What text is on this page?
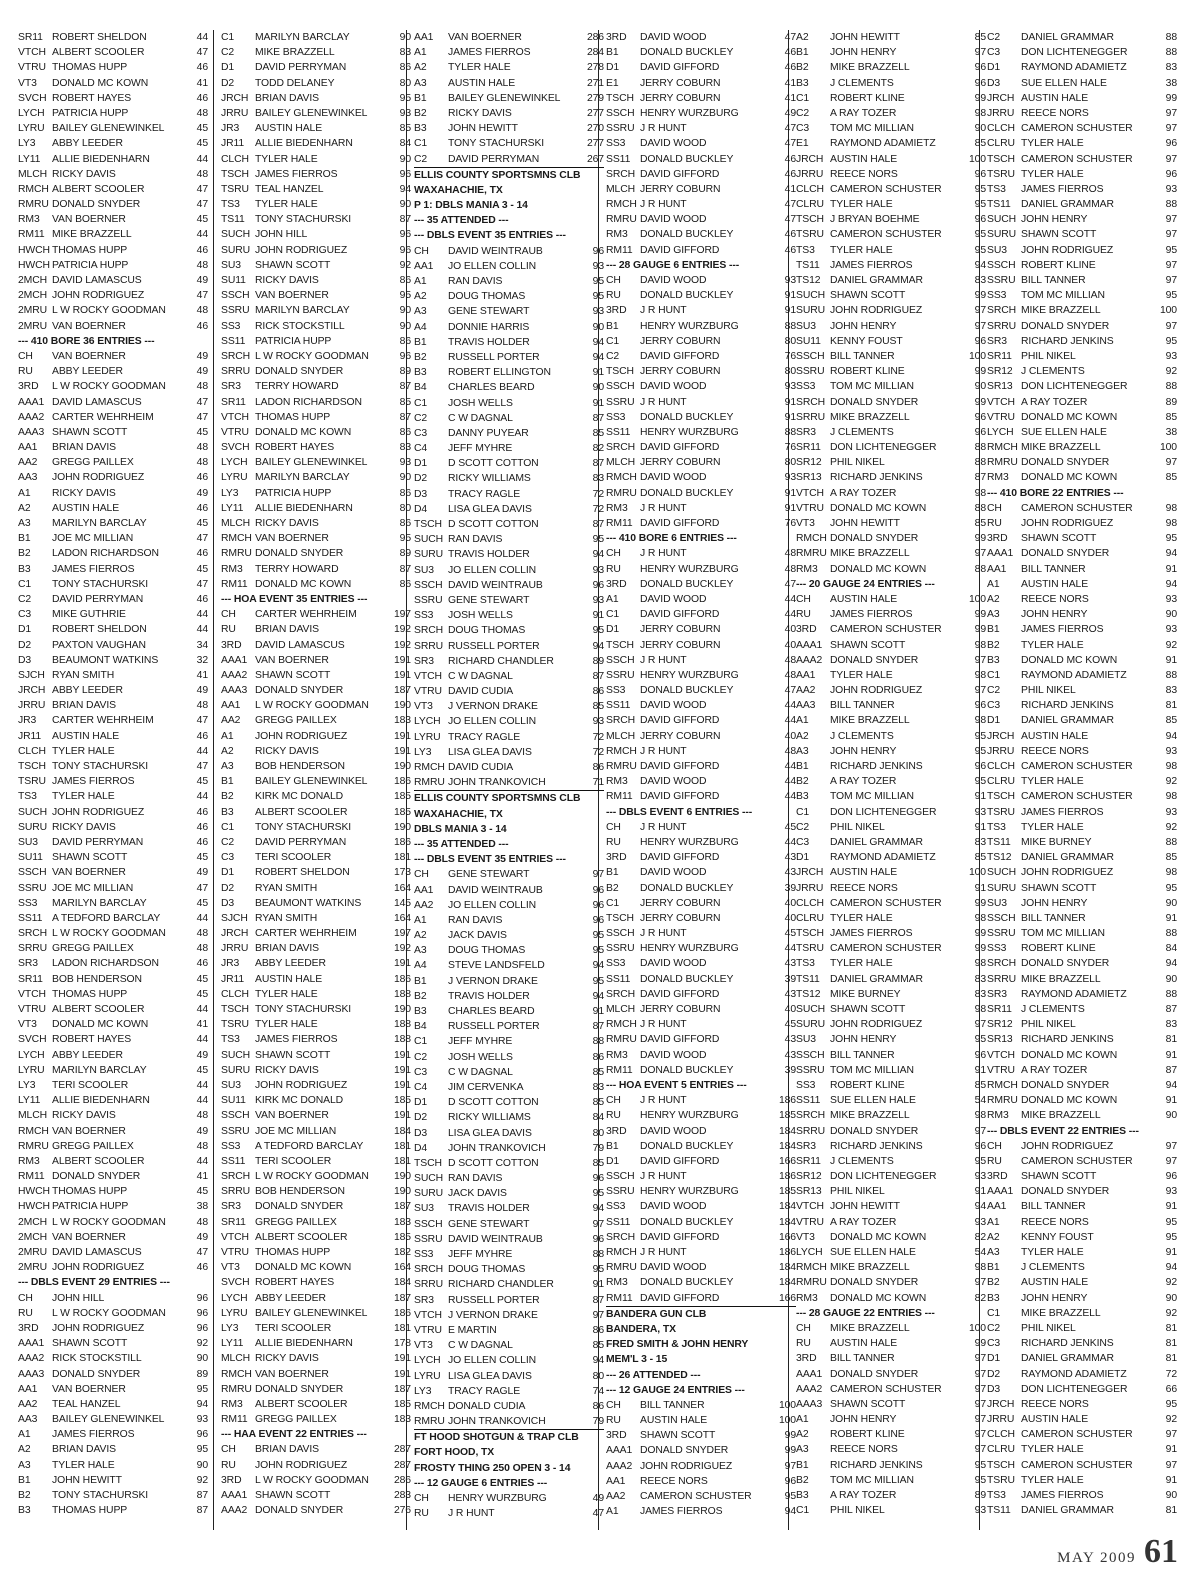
SR11 ROBERT SHELDON	44
VTCH ALBERT SCOOLER	47
VTRU THOMAS HUPP	46
VT3	DONALD MC KOWN	41
SVCH ROBERT HAYES	46
LYCH PATRICIA HUPP	48
LYRU BAILEY GLENEWINKEL	45
LY3	ABBY LEEDER	45
LY11	ALLIE BIEDENHARN	44
MLCH RICKY DAVIS	48
RMCH ALBERT SCOOLER	47
RMRU DONALD SNYDER	47
RM3	VAN BOERNER	45
RM11 MIKE BRAZZELL	44
HWCH THOMAS HUPP	46
HWCH PATRICIA HUPP	48
2MCH DAVID LAMASCUS	49
2MCH JOHN RODRIGUEZ	47
2MRU L W ROCKY GOODMAN	48
2MRU VAN BOERNER	46
--- 410 BORE 36 ENTRIES ---
CH	VAN BOERNER	49
RU	ABBY LEEDER	49
3RD	L W ROCKY GOODMAN	48
AAA1 DAVID LAMASCUS	47
AAA2 CARTER WEHRHEIM	47
AAA3 SHAWN SCOTT	45
AA1	BRIAN DAVIS	48
AA2	GREGG PAILLEX	48
AA3	JOHN RODRIGUEZ	46
A1	RICKY DAVIS	49
A2	AUSTIN HALE	46
A3	MARILYN BARCLAY	45
B1	JOE MC MILLIAN	47
B2	LADON RICHARDSON	46
B3	JAMES FIERROS	45
C1	TONY STACHURSKI	47
C2	DAVID PERRYMAN	46
C3	MIKE GUTHRIE	44
D1	ROBERT SHELDON	44
D2	PAXTON VAUGHAN	34
D3	BEAUMONT WATKINS	32
SJCH RYAN SMITH	41
JRCH ABBY LEEDER	49
JRRU BRIAN DAVIS	48
JR3	CARTER WEHRHEIM	47
JR11	AUSTIN HALE	46
CLCH TYLER HALE	44
TSCH TONY STACHURSKI	47
TSRU JAMES FIERROS	45
TS3	TYLER HALE	44
SUCH JOHN RODRIGUEZ	46
SURU RICKY DAVIS	46
SU3	DAVID PERRYMAN	46
SU11 SHAWN SCOTT	45
SSCH VAN BOERNER	49
SSRU JOE MC MILLIAN	47
SS3	MARILYN BARCLAY	45
SS11 A TEDFORD BARCLAY	44
SRCH L W ROCKY GOODMAN	48
SRRU GREGG PAILLEX	48
SR3	LADON RICHARDSON	46
SR11 BOB HENDERSON	45
VTCH THOMAS HUPP	45
VTRU ALBERT SCOOLER	44
VT3	DONALD MC KOWN	41
SVCH ROBERT HAYES	44
LYCH ABBY LEEDER	49
LYRU MARILYN BARCLAY	45
LY3	TERI SCOOLER	44
LY11	ALLIE BIEDENHARN	44
MLCH RICKY DAVIS	48
RMCH VAN BOERNER	49
RMRU GREGG PAILLEX	48
RM3	ALBERT SCOOLER	44
RM11 DONALD SNYDER	41
HWCH THOMAS HUPP	45
HWCH PATRICIA HUPP	38
2MCH L W ROCKY GOODMAN	48
2MCH VAN BOERNER	49
2MRU DAVID LAMASCUS	47
2MRU JOHN RODRIGUEZ	46
--- DBLS EVENT 29 ENTRIES ---
CH	JOHN HILL	96
RU	L W ROCKY GOODMAN	96
3RD	JOHN RODRIGUEZ	96
AAA1 SHAWN SCOTT	92
AAA2 RICK STOCKSTILL	90
AAA3 DONALD SNYDER	89
AA1	VAN BOERNER	95
AA2	TEAL HANZEL	94
AA3	BAILEY GLENEWINKEL	93
A1	JAMES FIERROS	96
A2	BRIAN DAVIS	95
A3	TYLER HALE	90
B1	JOHN HEWITT	92
B2	TONY STACHURSKI	87
B3	THOMAS HUPP	87
C1	MARILYN BARCLAY	90
C2	MIKE BRAZZELL	83
D1	DAVID PERRYMAN	86
D2	TODD DELANEY	80
JRCH BRIAN DAVIS	95
JRRU BAILEY GLENEWINKEL	93
JR3	AUSTIN HALE	85
JR11	ALLIE BIEDENHARN	84
CLCH TYLER HALE	90
TSCH JAMES FIERROS	96
TSRU TEAL HANZEL	94
TS3	TYLER HALE	90
TS11 TONY STACHURSKI	87
SUCH JOHN HILL	96
SURU JOHN RODRIGUEZ	96
SU3	SHAWN SCOTT	92
SU11 RICKY DAVIS	86
SSCH VAN BOERNER	95
SSRU MARILYN BARCLAY	90
SS3	RICK STOCKSTILL	90
SS11 PATRICIA HUPP	86
SRCH L W ROCKY GOODMAN	96
SRRU DONALD SNYDER	89
SR3	TERRY HOWARD	87
SR11 LADON RICHARDSON	85
VTCH THOMAS HUPP	87
VTRU DONALD MC KOWN	86
SVCH ROBERT HAYES	83
LYCH BAILEY GLENEWINKEL	93
LYRU MARILYN BARCLAY	90
LY3	PATRICIA HUPP	86
LY11	ALLIE BIEDENHARN	80
MLCH RICKY DAVIS	86
RMCH VAN BOERNER	95
RMRU DONALD SNYDER	89
RM3	TERRY HOWARD	87
RM11 DONALD MC KOWN	86
--- HOA EVENT 35 ENTRIES ---
CH	CARTER WEHRHEIM	197
RU	BRIAN DAVIS	192
3RD	DAVID LAMASCUS	192
AAA1 VAN BOERNER	191
AAA2 SHAWN SCOTT	191
AAA3 DONALD SNYDER	187
AA1	L W ROCKY GOODMAN	190
AA2	GREGG PAILLEX	183
A1	JOHN RODRIGUEZ	191
A2	RICKY DAVIS	191
A3	BOB HENDERSON	190
B1	BAILEY GLENEWINKEL	186
B2	KIRK MC DONALD	185
B3	ALBERT SCOOLER	185
C1	TONY STACHURSKI	190
C2	DAVID PERRYMAN	186
C3	TERI SCOOLER	181
D1	ROBERT SHELDON	173
D2	RYAN SMITH	164
D3	BEAUMONT WATKINS	145
SJCH RYAN SMITH	164
JRCH CARTER WEHRHEIM	197
JRRU BRIAN DAVIS	192
JR3	ABBY LEEDER	191
JR11	AUSTIN HALE	186
CLCH TYLER HALE	188
TSCH TONY STACHURSKI	190
TSRU TYLER HALE	188
TS3	JAMES FIERROS	188
SUCH SHAWN SCOTT	191
SURU RICKY DAVIS	191
SU3	JOHN RODRIGUEZ	191
SU11 KIRK MC DONALD	185
SSCH VAN BOERNER	191
SSRU JOE MC MILLIAN	184
SS3	A TEDFORD BARCLAY	181
SS11 TERI SCOOLER	181
SRCH L W ROCKY GOODMAN	190
SRRU BOB HENDERSON	190
SR3	DONALD SNYDER	187
SR11 GREGG PAILLEX	183
VTCH ALBERT SCOOLER	185
VTRU THOMAS HUPP	182
VT3	DONALD MC KOWN	164
SVCH ROBERT HAYES	184
LYCH ABBY LEEDER	187
LYRU BAILEY GLENEWINKEL	186
LY3	TERI SCOOLER	181
LY11	ALLIE BIEDENHARN	178
MLCH RICKY DAVIS	191
RMCH VAN BOERNER	191
RMRU DONALD SNYDER	187
RM3	ALBERT SCOOLER	185
RM11 GREGG PAILLEX	183
--- HAA EVENT 22 ENTRIES ---
CH	BRIAN DAVIS	287
RU	JOHN RODRIGUEZ	287
3RD	L W ROCKY GOODMAN	286
AAA1 SHAWN SCOTT	283
AAA2 DONALD SNYDER	276
AA1	VAN BOERNER	286
A1	JAMES FIERROS	284
A2	TYLER HALE	278
A3	AUSTIN HALE	271
B1	BAILEY GLENEWINKEL	279
B2	RICKY DAVIS	277
B3	JOHN HEWITT	270
C1	TONY STACHURSKI	277
C2	DAVID PERRYMAN	267
ELLIS COUNTY SPORTSMNS CLB
WAXAHACHIE, TX
P 1: DBLS MANIA 3 - 14
--- 35 ATTENDED ---
--- DBLS EVENT 35 ENTRIES ---
CH	DAVID WEINTRAUB	96
AA1	JO ELLEN COLLIN	93
A1	RAN DAVIS	95
A2	DOUG THOMAS	95
A3	GENE STEWART	93
A4	DONNIE HARRIS	90
B1	TRAVIS HOLDER	94
B2	RUSSELL PORTER	94
B3	ROBERT ELLINGTON	91
B4	CHARLES BEARD	90
C1	JOSH WELLS	91
C2	C W DAGNAL	87
C3	DANNY PUYEAR	85
C4	JEFF MYHRE	82
D1	D SCOTT COTTON	87
D2	RICKY WILLIAMS	83
D3	TRACY RAGLE	72
D4	LISA GLEA DAVIS	72
TSCH D SCOTT COTTON	87
SUCH RAN DAVIS	95
SURU TRAVIS HOLDER	94
SU3	JO ELLEN COLLIN	93
SSCH DAVID WEINTRAUB	96
SSRU GENE STEWART	93
SS3	JOSH WELLS	91
SRCH DOUG THOMAS	95
SRRU RUSSELL PORTER	94
SR3	RICHARD CHANDLER	89
VTCH C W DAGNAL	87
VTRU DAVID CUDIA	86
VT3	J VERNON DRAKE	85
LYCH JO ELLEN COLLIN	93
LYRU TRACY RAGLE	72
LY3	LISA GLEA DAVIS	72
RMCH DAVID CUDIA	86
RMRU JOHN TRANKOVICH	71
ELLIS COUNTY SPORTSMNS CLB
WAXAHACHIE, TX
DBLS MANIA 3 - 14
--- 35 ATTENDED ---
--- DBLS EVENT 35 ENTRIES ---
CH	GENE STEWART	97
AA1	DAVID WEINTRAUB	96
AA2	JO ELLEN COLLIN	96
A1	RAN DAVIS	96
A2	JACK DAVIS	95
A3	DOUG THOMAS	95
A4	STEVE LANDSFELD	94
B1	J VERNON DRAKE	95
B2	TRAVIS HOLDER	94
B3	CHARLES BEARD	91
B4	RUSSELL PORTER	87
C1	JEFF MYHRE	88
C2	JOSH WELLS	86
C3	C W DAGNAL	85
C4	JIM CERVENKA	83
D1	D SCOTT COTTON	85
D2	RICKY WILLIAMS	84
D3	LISA GLEA DAVIS	80
D4	JOHN TRANKOVICH	79
TSCH D SCOTT COTTON	85
SUCH RAN DAVIS	96
SURU JACK DAVIS	95
SU3	TRAVIS HOLDER	94
SSCH GENE STEWART	97
SSRU DAVID WEINTRAUB	96
SS3	JEFF MYHRE	88
SRCH DOUG THOMAS	95
SRRU RICHARD CHANDLER	91
SR3	RUSSELL PORTER	87
VTCH J VERNON DRAKE	97
VTRU E MARTIN	86
VT3	C W DAGNAL	85
LYCH JO ELLEN COLLIN	94
LYRU LISA GLEA DAVIS	80
LY3	TRACY RAGLE	74
RMCH DONALD CUDIA	86
RMRU JOHN TRANKOVICH	79
FT HOOD SHOTGUN & TRAP CLB
FORT HOOD, TX
FROSTY THING 250 OPEN 3 - 14
--- 12 GAUGE 6 ENTRIES ---
CH	HENRY WURZBURG	49
RU	J R HUNT	47
3RD	DAVID WOOD	47
B1	DONALD BUCKLEY	46
D1	DAVID GIFFORD	46
E1	JERRY COBURN	41
TSCH JERRY COBURN	41
SSCH HENRY WURZBURG	49
SSRU J R HUNT	47
SS3	DAVID WOOD	47
SS11 DONALD BUCKLEY	46
SRCH DAVID GIFFORD	46
MLCH JERRY COBURN	41
RMCH J R HUNT	47
RMRU DAVID WOOD	47
RM3	DONALD BUCKLEY	46
RM11 DAVID GIFFORD	46
--- 28 GAUGE 6 ENTRIES ---
CH	DAVID WOOD	93
RU	DONALD BUCKLEY	91
3RD	J R HUNT	91
B1	HENRY WURZBURG	88
C1	JERRY COBURN	80
C2	DAVID GIFFORD	76
TSCH JERRY COBURN	80
SSCH DAVID WOOD	93
SSRU J R HUNT	91
SS3	DONALD BUCKLEY	91
SS11 HENRY WURZBURG	88
SRCH DAVID GIFFORD	76
MLCH JERRY COBURN	80
RMCH DAVID WOOD	93
RMRU DONALD BUCKLEY	91
RM3	J R HUNT	91
RM11 DAVID GIFFORD	76
--- 410 BORE 6 ENTRIES ---
CH	J R HUNT	48
RU	HENRY WURZBURG	48
3RD	DONALD BUCKLEY	47
A1	DAVID WOOD	44
C1	DAVID GIFFORD	44
D1	JERRY COBURN	40
TSCH JERRY COBURN	40
SSCH J R HUNT	48
SSRU HENRY WURZBURG	48
SS3	DONALD BUCKLEY	47
SS11 DAVID WOOD	44
SRCH DAVID GIFFORD	44
MLCH JERRY COBURN	40
RMCH J R HUNT	48
RMRU DAVID GIFFORD	44
RM3	DAVID WOOD	44
RM11 DAVID GIFFORD	44
--- DBLS EVENT 6 ENTRIES ---
CH	J R HUNT	45
RU	HENRY WURZBURG	44
3RD	DAVID GIFFORD	43
B1	DAVID WOOD	43
B2	DONALD BUCKLEY	39
C1	JERRY COBURN	40
TSCH JERRY COBURN	40
SSCH J R HUNT	45
SSRU HENRY WURZBURG	44
SS3	DAVID WOOD	43
SS11 DONALD BUCKLEY	39
SRCH DAVID GIFFORD	43
MLCH JERRY COBURN	40
RMCH J R HUNT	45
RMRU DAVID GIFFORD	43
RM3	DAVID WOOD	43
RM11 DONALD BUCKLEY	39
--- HOA EVENT 5 ENTRIES ---
CH	J R HUNT	186
RU	HENRY WURZBURG	185
3RD	DAVID WOOD	184
B1	DONALD BUCKLEY	184
D1	DAVID GIFFORD	166
SSCH J R HUNT	186
SSRU HENRY WURZBURG	185
SS3	DAVID WOOD	184
SS11 DONALD BUCKLEY	184
SRCH DAVID GIFFORD	166
RMCH J R HUNT	186
RMRU DAVID WOOD	184
RM3	DONALD BUCKLEY	184
RM11 DAVID GIFFORD	166
BANDERA GUN CLB
BANDERA, TX
FRED SMITH & JOHN HENRY
MEM'L 3 - 15
--- 26 ATTENDED ---
--- 12 GAUGE 24 ENTRIES ---
CH	BILL TANNER	100
RU	AUSTIN HALE	100
3RD	SHAWN SCOTT	99
AAA1 DONALD SNYDER	99
AAA2 JOHN RODRIGUEZ	97
AA1	REECE NORS	96
AA2	CAMERON SCHUSTER	95
A1	JAMES FIERROS	94
A2	JOHN HEWITT	85
B1	JOHN HENRY	97
B2	MIKE BRAZZELL	96
B3	J CLEMENTS	96
C1	ROBERT KLINE	99
C2	A RAY TOZER	98
C3	TOM MC MILLIAN	90
E1	RAYMOND ADAMIETZ	85
JRCH AUSTIN HALE	100
JRRU REECE NORS	96
CLCH CAMERON SCHUSTER	95
CLRU TYLER HALE	95
TSCH J BRYAN BOEHME	96
TSRU CAMERON SCHUSTER	95
TS3	TYLER HALE	95
TS11 JAMES FIERROS	94
TS12 DANIEL GRAMMAR	83
SUCH SHAWN SCOTT	99
SURU JOHN RODRIGUEZ	97
SU3	JOHN HENRY	97
SU11 KENNY FOUST	96
SSCH BILL TANNER	100
SSRU ROBERT KLINE	99
SS3	TOM MC MILLIAN	90
SRCH DONALD SNYDER	99
SRRU MIKE BRAZZELL	96
SR3	J CLEMENTS	96
SR11 DON LICHTENEGGER	88
SR12 PHIL NIKEL	88
SR13 RICHARD JENKINS	87
VTCH A RAY TOZER	98
VTRU DONALD MC KOWN	88
VT3	JOHN HEWITT	85
RMCH DONALD SNYDER	99
RMRU MIKE BRAZZELL	97
RM3	DONALD MC KOWN	88
--- 20 GAUGE 24 ENTRIES ---
CH	AUSTIN HALE	100
RU	JAMES FIERROS	99
3RD	CAMERON SCHUSTER	99
AAA1 SHAWN SCOTT	98
AAA2 DONALD SNYDER	97
AA1	TYLER HALE	98
AA2	JOHN RODRIGUEZ	97
AA3	BILL TANNER	96
A1	MIKE BRAZZELL	98
A2	J CLEMENTS	95
A3	JOHN HENRY	95
B1	RICHARD JENKINS	96
B2	A RAY TOZER	95
B3	TOM MC MILLIAN	91
C1	DON LICHTENEGGER	93
C2	PHIL NIKEL	91
C3	DANIEL GRAMMAR	83
D1	RAYMOND ADAMIETZ	85
JRCH AUSTIN HALE	100
JRRU REECE NORS	91
CLCH CAMERON SCHUSTER	99
CLRU TYLER HALE	98
TSCH JAMES FIERROS	99
TSRU CAMERON SCHUSTER	99
TS3	TYLER HALE	98
TS11 DANIEL GRAMMAR	83
TS12 MIKE BURNEY	83
SUCH SHAWN SCOTT	98
SURU JOHN RODRIGUEZ	97
SU3	JOHN HENRY	95
SSCH BILL TANNER	96
SSRU TOM MC MILLIAN	91
SS3	ROBERT KLINE	85
SS11 SUE ELLEN HALE	54
SRCH MIKE BRAZZELL	98
SRRU DONALD SNYDER	97
SR3	RICHARD JENKINS	96
SR11 J CLEMENTS	95
SR12 DON LICHTENEGGER	93
SR13 PHIL NIKEL	91
VTCH JOHN HEWITT	94
VTRU A RAY TOZER	93
VT3	DONALD MC KOWN	82
LYCH SUE ELLEN HALE	54
RMCH MIKE BRAZZELL	98
RMRU DONALD SNYDER	97
RM3	DONALD MC KOWN	82
--- 28 GAUGE 22 ENTRIES ---
CH	MIKE BRAZZELL	100
RU	AUSTIN HALE	99
3RD	BILL TANNER	97
AAA1 DONALD SNYDER	97
AAA2 CAMERON SCHUSTER	97
AAA3 SHAWN SCOTT	97
A1	JOHN HENRY	97
A2	ROBERT KLINE	97
A3	REECE NORS	97
B1	RICHARD JENKINS	95
B2	TOM MC MILLIAN	95
B3	A RAY TOZER	89
C1	PHIL NIKEL	93
C2	DANIEL GRAMMAR	88
C3	DON LICHTENEGGER	88
D1	RAYMOND ADAMIETZ	83
D3	SUE ELLEN HALE	38
JRCH AUSTIN HALE	99
JRRU REECE NORS	97
CLCH CAMERON SCHUSTER	97
CLRU TYLER HALE	96
TSCH CAMERON SCHUSTER	97
TSRU TYLER HALE	96
TS3	JAMES FIERROS	93
TS11 DANIEL GRAMMAR	88
SUCH JOHN HENRY	97
SURU SHAWN SCOTT	97
SU3	JOHN RODRIGUEZ	95
SSCH ROBERT KLINE	97
SSRU BILL TANNER	97
SS3	TOM MC MILLIAN	95
SRCH MIKE BRAZZELL	100
SRRU DONALD SNYDER	97
SR3	RICHARD JENKINS	95
SR11 PHIL NIKEL	93
SR12 J CLEMENTS	92
SR13 DON LICHTENEGGER	88
VTCH A RAY TOZER	89
VTRU DONALD MC KOWN	85
LYCH SUE ELLEN HALE	38
RMCH MIKE BRAZZELL	100
RMRU DONALD SNYDER	97
RM3	DONALD MC KOWN	85
--- 410 BORE 22 ENTRIES ---
CH	CAMERON SCHUSTER	98
RU	JOHN RODRIGUEZ	98
3RD	SHAWN SCOTT	95
AAA1 DONALD SNYDER	94
AA1	BILL TANNER	91
A1	AUSTIN HALE	94
A2	REECE NORS	93
A3	JOHN HENRY	90
B1	JAMES FIERROS	93
B2	TYLER HALE	92
B3	DONALD MC KOWN	91
C1	RAYMOND ADAMIETZ	88
C2	PHIL NIKEL	83
C3	RICHARD JENKINS	81
D1	DANIEL GRAMMAR	85
JRCH AUSTIN HALE	94
JRRU REECE NORS	93
CLCH CAMERON SCHUSTER	98
CLRU TYLER HALE	92
TSCH CAMERON SCHUSTER	98
TSRU JAMES FIERROS	93
TS3	TYLER HALE	92
TS11 MIKE BURNEY	88
TS12 DANIEL GRAMMAR	85
SUCH JOHN RODRIGUEZ	98
SURU SHAWN SCOTT	95
SU3	JOHN HENRY	90
SSCH BILL TANNER	91
SSRU TOM MC MILLIAN	88
SS3	ROBERT KLINE	84
SRCH DONALD SNYDER	94
SRRU MIKE BRAZZELL	90
SR3	RAYMOND ADAMIETZ	88
SR11 J CLEMENTS	87
SR12 PHIL NIKEL	83
SR13 RICHARD JENKINS	81
VTCH DONALD MC KOWN	91
VTRU A RAY TOZER	87
RMCH DONALD SNYDER	94
RMRU DONALD MC KOWN	91
RM3	MIKE BRAZZELL	90
--- DBLS EVENT 22 ENTRIES ---
CH	JOHN RODRIGUEZ	97
RU	CAMERON SCHUSTER	97
3RD	SHAWN SCOTT	96
AAA1 DONALD SNYDER	93
AA1	BILL TANNER	91
A1	REECE NORS	95
A2	KENNY FOUST	95
A3	TYLER HALE	91
B1	J CLEMENTS	94
B2	AUSTIN HALE	92
B3	JOHN HENRY	90
C1	MIKE BRAZZELL	92
C2	PHIL NIKEL	81
C3	RICHARD JENKINS	81
D1	DANIEL GRAMMAR	81
D2	RAYMOND ADAMIETZ	72
D3	DON LICHTENEGGER	66
JRCH REECE NORS	95
JRRU AUSTIN HALE	92
CLCH CAMERON SCHUSTER	97
CLRU TYLER HALE	91
TSCH CAMERON SCHUSTER	97
TSRU TYLER HALE	91
TS3	JAMES FIERROS	90
TS11 DANIEL GRAMMAR	81
MAY 2009 61
